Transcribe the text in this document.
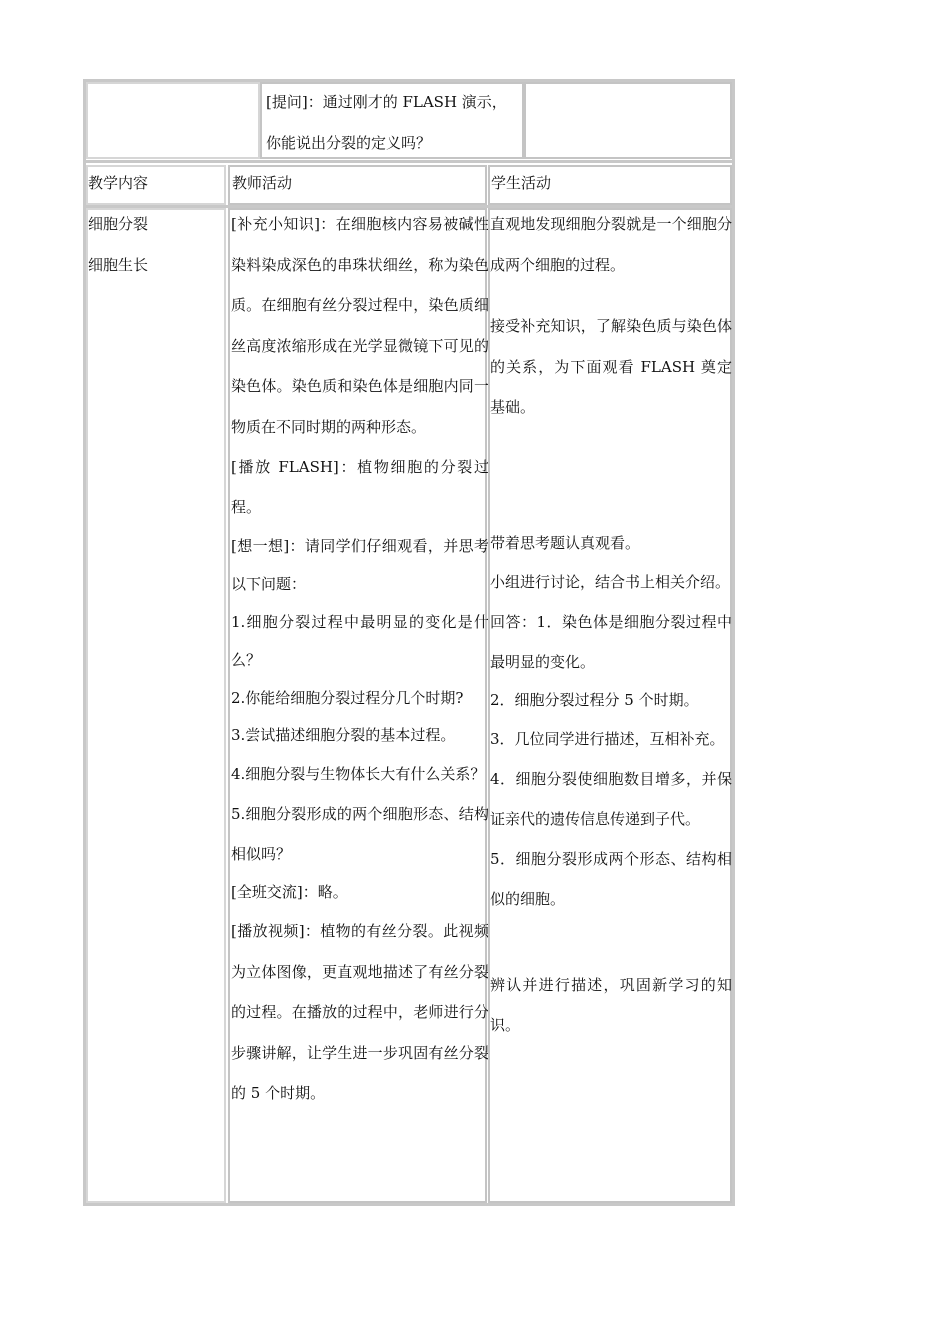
[提问]：通过刚才的 FLASH 演示，

你能说出分裂的定义吗？

教学内容	教师活动	学生活动

细胞分裂

细胞生长

[补充小知识]：在细胞核内容易被碱性染料染成深色的串珠状细丝，称为染色质。在细胞有丝分裂过程中，染色质细丝高度浓缩形成在光学显微镜下可见的染色体。染色质和染色体是细胞内同一物质在不同时期的两种形态。

[播放 FLASH]：植物细胞的分裂过程。

[想一想]：请同学们仔细观看，并思考以下问题：

1.细胞分裂过程中最明显的变化是什么？

2.你能给细胞分裂过程分几个时期?

3.尝试描述细胞分裂的基本过程。

4.细胞分裂与生物体长大有什么关系？

5.细胞分裂形成的两个细胞形态、结构相似吗？

[全班交流]：略。

[播放视频]：植物的有丝分裂。此视频为立体图像，更直观地描述了有丝分裂的过程。在播放的过程中，老师进行分步骤讲解，让学生进一步巩固有丝分裂的 5 个时期。

直观地发现细胞分裂就是一个细胞分成两个细胞的过程。

接受补充知识，了解染色质与染色体的关系，为下面观看 FLASH 奠定基础。

带着思考题认真观看。

小组进行讨论，结合书上相关介绍。

回答：1．染色体是细胞分裂过程中最明显的变化。

2．细胞分裂过程分 5 个时期。

3．几位同学进行描述，互相补充。

4．细胞分裂使细胞数目增多，并保证亲代的遗传信息传递到子代。

5．细胞分裂形成两个形态、结构相似的细胞。

辨认并进行描述，巩固新学习的知识。
